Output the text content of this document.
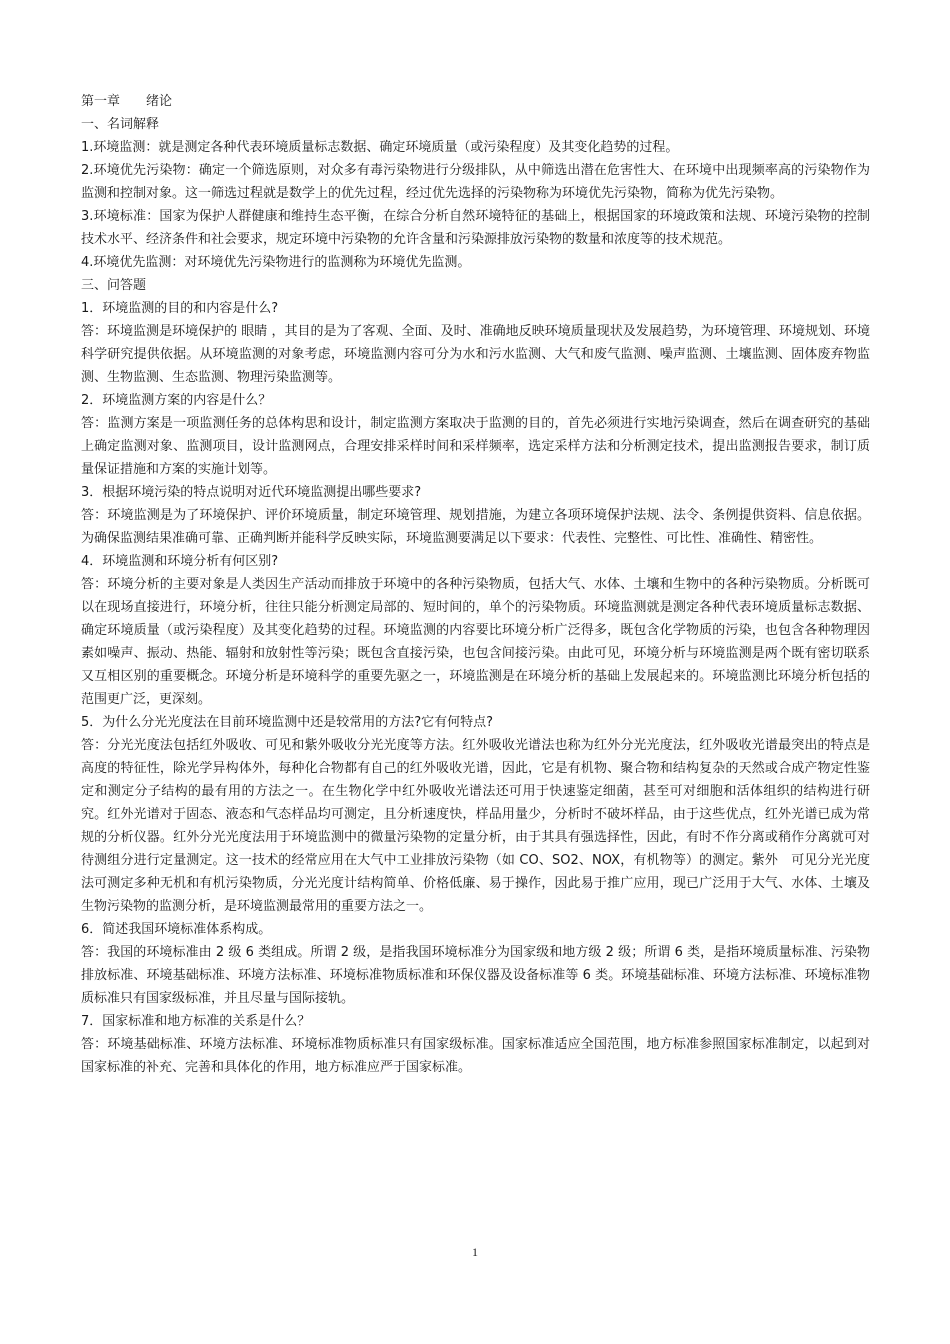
第一章　　绪论

一、名词解释

1.环境监测：就是测定各种代表环境质量标志数据、确定环境质量（或污染程度）及其变化趋势的过程。

2.环境优先污染物：确定一个筛选原则，对众多有毒污染物进行分级排队，从中筛选出潜在危害性大、在环境中出现频率高的污染物作为监测和控制对象。这一筛选过程就是数学上的优先过程，经过优先选择的污染物称为环境优先污染物，简称为优先污染物。

3.环境标准：国家为保护人群健康和维持生态平衡，在综合分析自然环境特征的基础上，根据国家的环境政策和法规、环境污染物的控制技术水平、经济条件和社会要求，规定环境中污染物的允许含量和污染源排放污染物的数量和浓度等的技术规范。

4.环境优先监测：对环境优先污染物进行的监测称为环境优先监测。

三、问答题

1．环境监测的目的和内容是什么?

答：环境监测是环境保护的 眼睛 ，其目的是为了客观、全面、及时、准确地反映环境质量现状及发展趋势，为环境管理、环境规划、环境科学研究提供依据。从环境监测的对象考虑，环境监测内容可分为水和污水监测、大气和废气监测、噪声监测、土壤监测、固体废弃物监测、生物监测、生态监测、物理污染监测等。

2．环境监测方案的内容是什么？

答：监测方案是一项监测任务的总体构思和设计，制定监测方案取决于监测的目的，首先必须进行实地污染调查，然后在调查研究的基础上确定监测对象、监测项目，设计监测网点，合理安排采样时间和采样频率，选定采样方法和分析测定技术，提出监测报告要求，制订质量保证措施和方案的实施计划等。

3．根据环境污染的特点说明对近代环境监测提出哪些要求?

答：环境监测是为了环境保护、评价环境质量，制定环境管理、规划措施，为建立各项环境保护法规、法令、条例提供资料、信息依据。为确保监测结果准确可靠、正确判断并能科学反映实际，环境监测要满足以下要求：代表性、完整性、可比性、准确性、精密性。

4．环境监测和环境分析有何区别?

答：环境分析的主要对象是人类因生产活动而排放于环境中的各种污染物质，包括大气、水体、土壤和生物中的各种污染物质。分析既可以在现场直接进行，环境分析，往往只能分析测定局部的、短时间的，单个的污染物质。环境监测就是测定各种代表环境质量标志数据、确定环境质量（或污染程度）及其变化趋势的过程。环境监测的内容要比环境分析广泛得多，既包含化学物质的污染，也包含各种物理因素如噪声、振动、热能、辐射和放射性等污染；既包含直接污染，也包含间接污染。由此可见，环境分析与环境监测是两个既有密切联系又互相区别的重要概念。环境分析是环境科学的重要先驱之一，环境监测是在环境分析的基础上发展起来的。环境监测比环境分析包括的范围更广泛，更深刻。

5．为什么分光光度法在目前环境监测中还是较常用的方法?它有何特点?

答：分光光度法包括红外吸收、可见和紫外吸收分光光度等方法。红外吸收光谱法也称为红外分光光度法，红外吸收光谱最突出的特点是高度的特征性，除光学异构体外，每种化合物都有自己的红外吸收光谱，因此，它是有机物、聚合物和结构复杂的天然或合成产物定性鉴定和测定分子结构的最有用的方法之一。在生物化学中红外吸收光谱法还可用于快速鉴定细菌，甚至可对细胞和活体组织的结构进行研究。红外光谱对于固态、液态和气态样品均可测定，且分析速度快，样品用量少，分析时不破坏样品，由于这些优点，红外光谱已成为常规的分析仪器。红外分光光度法用于环境监测中的微量污染物的定量分析，由于其具有强选择性，因此，有时不作分离或稍作分离就可对待测组分进行定量测定。这一技术的经常应用在大气中工业排放污染物（如 CO、SO2、NOX，有机物等）的测定。紫外　可见分光光度法可测定多种无机和有机污染物质，分光光度计结构简单、价格低廉、易于操作，因此易于推广应用，现已广泛用于大气、水体、土壤及生物污染物的监测分析，是环境监测最常用的重要方法之一。

6．简述我国环境标准体系构成。

答：我国的环境标准由 2 级 6 类组成。所谓 2 级，是指我国环境标准分为国家级和地方级 2 级；所谓 6 类，是指环境质量标准、污染物排放标准、环境基础标准、环境方法标准、环境标准物质标准和环保仪器及设备标准等 6 类。环境基础标准、环境方法标准、环境标准物质标准只有国家级标准，并且尽量与国际接轨。

7．国家标准和地方标准的关系是什么？

答：环境基础标准、环境方法标准、环境标准物质标准只有国家级标准。国家标准适应全国范围，地方标准参照国家标准制定，以起到对国家标准的补充、完善和具体化的作用，地方标准应严于国家标准。

1
